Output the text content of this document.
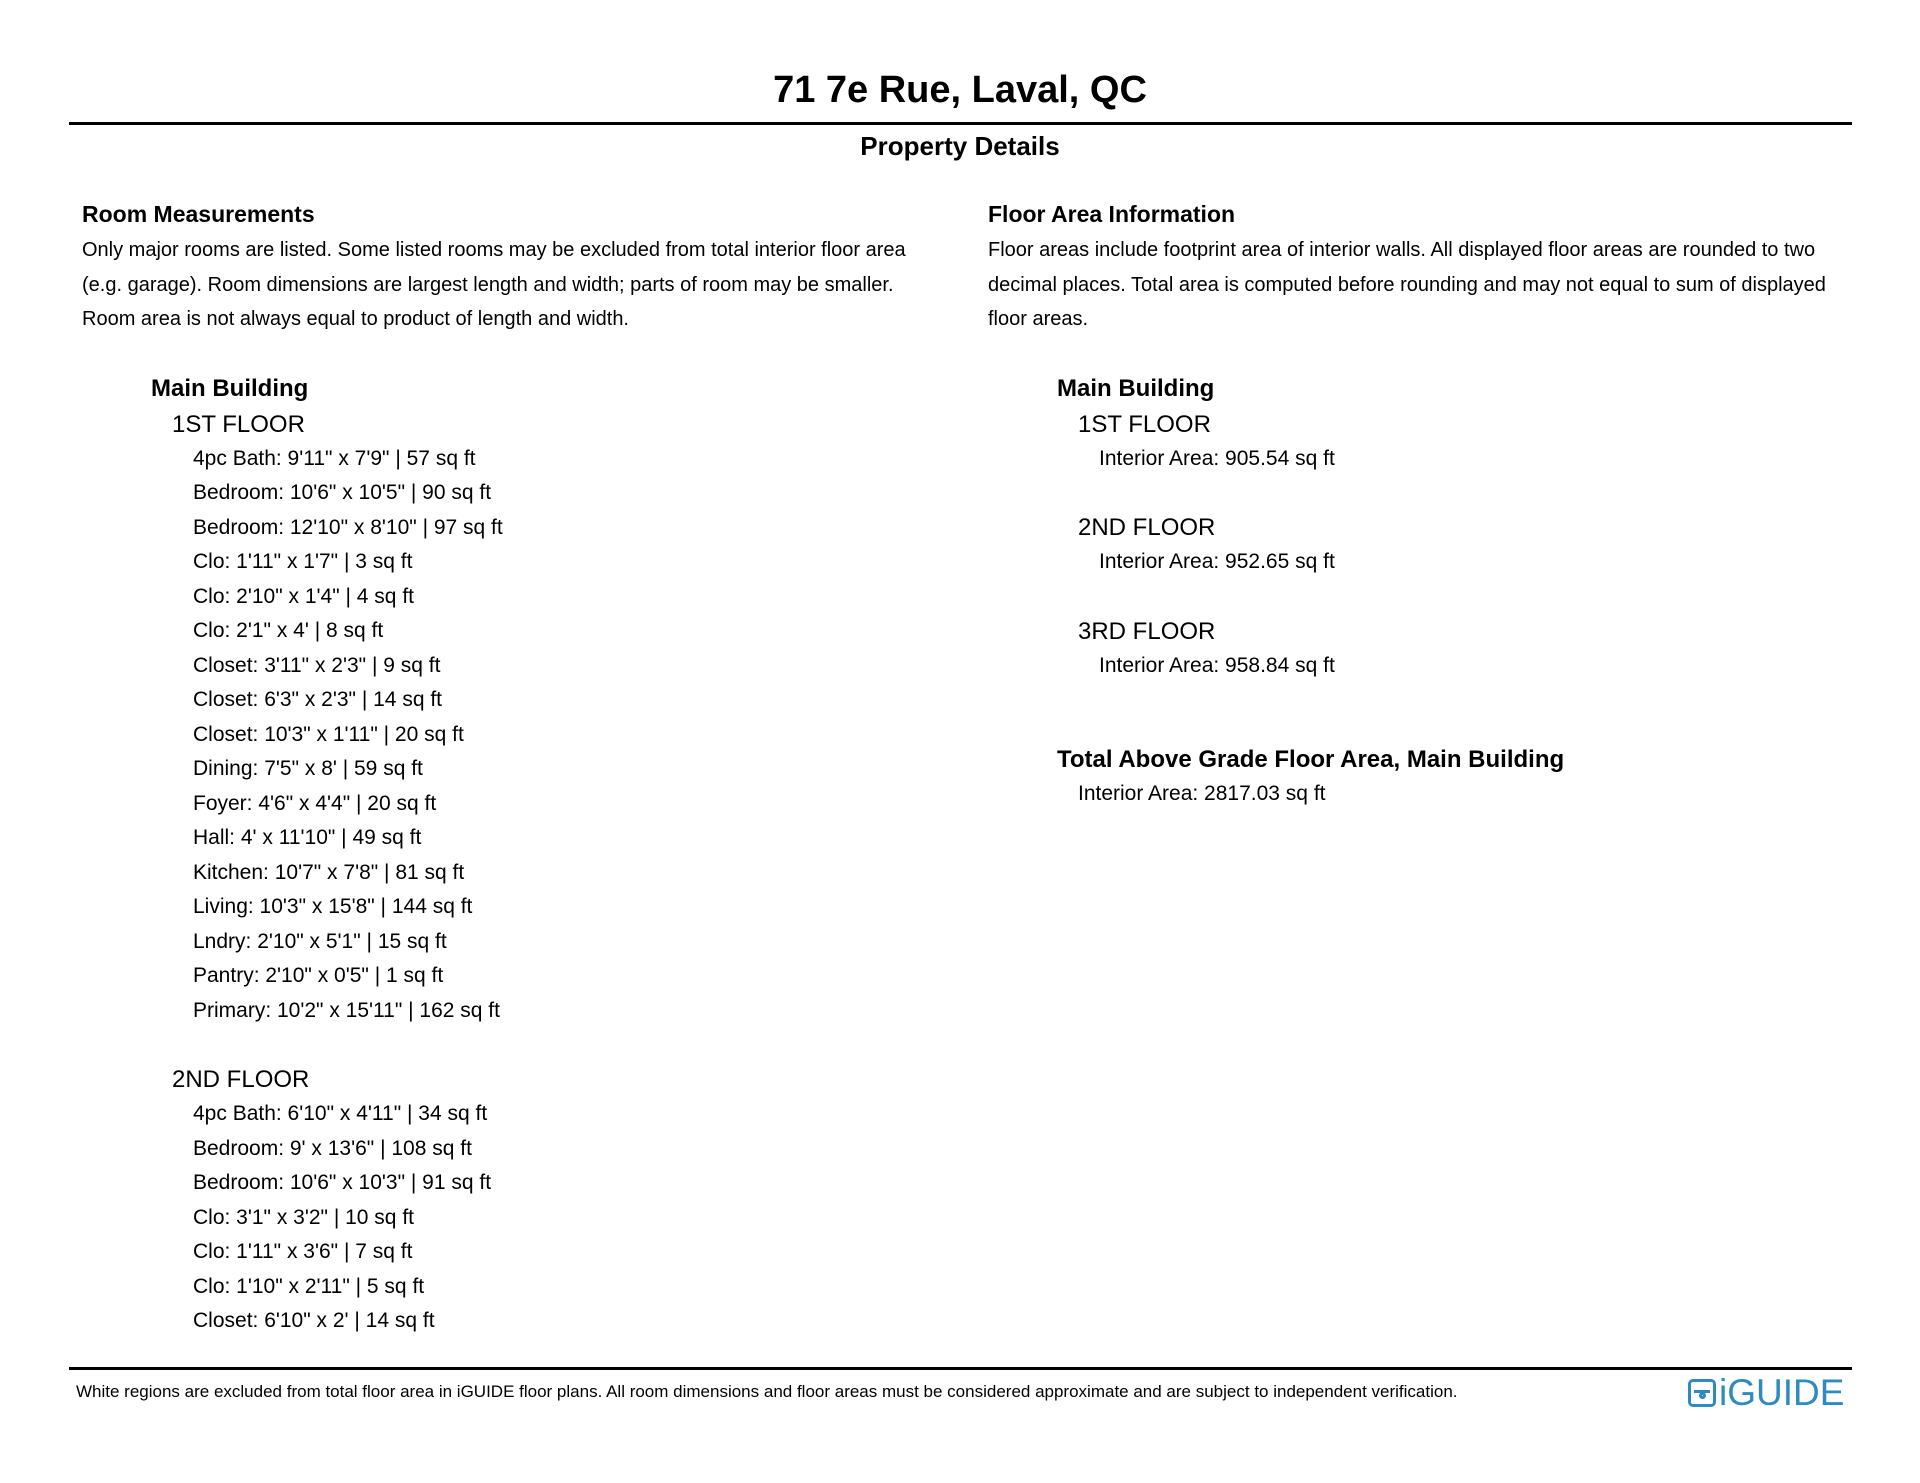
71 7e Rue, Laval, QC
Property Details
Room Measurements
Only major rooms are listed. Some listed rooms may be excluded from total interior floor area (e.g. garage). Room dimensions are largest length and width; parts of room may be smaller. Room area is not always equal to product of length and width.
Main Building
1ST FLOOR
4pc Bath: 9'11" x 7'9" | 57 sq ft
Bedroom: 10'6" x 10'5" | 90 sq ft
Bedroom: 12'10" x 8'10" | 97 sq ft
Clo: 1'11" x 1'7" | 3 sq ft
Clo: 2'10" x 1'4" | 4 sq ft
Clo: 2'1" x 4' | 8 sq ft
Closet: 3'11" x 2'3" | 9 sq ft
Closet: 6'3" x 2'3" | 14 sq ft
Closet: 10'3" x 1'11" | 20 sq ft
Dining: 7'5" x 8' | 59 sq ft
Foyer: 4'6" x 4'4" | 20 sq ft
Hall: 4' x 11'10" | 49 sq ft
Kitchen: 10'7" x 7'8" | 81 sq ft
Living: 10'3" x 15'8" | 144 sq ft
Lndry: 2'10" x 5'1" | 15 sq ft
Pantry: 2'10" x 0'5" | 1 sq ft
Primary: 10'2" x 15'11" | 162 sq ft
2ND FLOOR
4pc Bath: 6'10" x 4'11" | 34 sq ft
Bedroom: 9' x 13'6" | 108 sq ft
Bedroom: 10'6" x 10'3" | 91 sq ft
Clo: 3'1" x 3'2" | 10 sq ft
Clo: 1'11" x 3'6" | 7 sq ft
Clo: 1'10" x 2'11" | 5 sq ft
Closet: 6'10" x 2' | 14 sq ft
Floor Area Information
Floor areas include footprint area of interior walls. All displayed floor areas are rounded to two decimal places. Total area is computed before rounding and may not equal to sum of displayed floor areas.
Main Building
1ST FLOOR
Interior Area: 905.54 sq ft
2ND FLOOR
Interior Area: 952.65 sq ft
3RD FLOOR
Interior Area: 958.84 sq ft
Total Above Grade Floor Area, Main Building
Interior Area: 2817.03 sq ft
White regions are excluded from total floor area in iGUIDE floor plans. All room dimensions and floor areas must be considered approximate and are subject to independent verification.	iGUIDE
